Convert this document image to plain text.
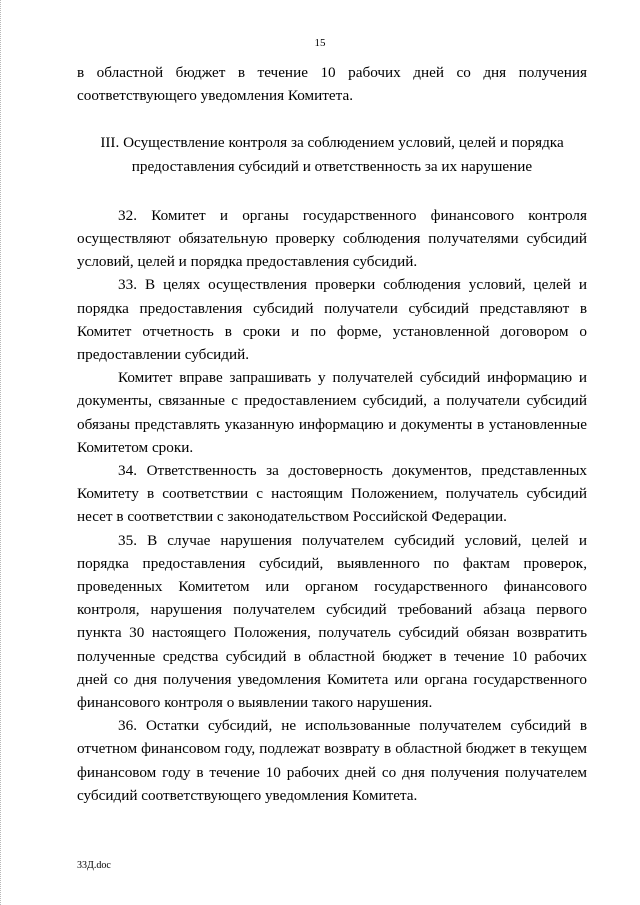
15

в областной бюджет в течение 10 рабочих дней со дня получения соответствующего уведомления Комитета.

III. Осуществление контроля за соблюдением условий, целей и порядка
предоставления субсидий и ответственность за их нарушение

32. Комитет и органы государственного финансового контроля осуществляют обязательную проверку соблюдения получателями субсидий условий, целей и порядка предоставления субсидий.

33. В целях осуществления проверки соблюдения условий, целей и порядка предоставления субсидий получатели субсидий представляют в Комитет отчетность в сроки и по форме, установленной договором о предоставлении субсидий.

Комитет вправе запрашивать у получателей субсидий информацию и документы, связанные с предоставлением субсидий, а получатели субсидий обязаны представлять указанную информацию и документы в установленные Комитетом сроки.

34. Ответственность за достоверность документов, представленных Комитету в соответствии с настоящим Положением, получатель субсидий несет в соответствии с законодательством Российской Федерации.

35. В случае нарушения получателем субсидий условий, целей и порядка предоставления субсидий, выявленного по фактам проверок, проведенных Комитетом или органом государственного финансового контроля, нарушения получателем субсидий требований абзаца первого пункта 30 настоящего Положения, получатель субсидий обязан возвратить полученные средства субсидий в областной бюджет в течение 10 рабочих дней со дня получения уведомления Комитета или органа государственного финансового контроля о выявлении такого нарушения.

36. Остатки субсидий, не использованные получателем субсидий в отчетном финансовом году, подлежат возврату в областной бюджет в текущем финансовом году в течение 10 рабочих дней со дня получения получателем субсидий соответствующего уведомления Комитета.

33Д.doc
